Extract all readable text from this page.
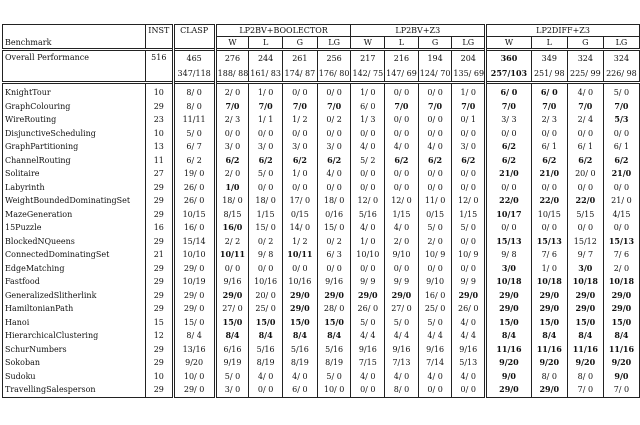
	INST	CLASP	LP2BV+BOOLECTOR				LP2BV+Z3				LP2DIFF+Z3			
Benchmark			W	L	G	LG	W	L	G	LG	W	L	G	LG
Overall Performance	516	465	276	244	261	256	217	216	194	204	360	349	324	324
		347/118	188/ 88	161/ 83	174/ 87	176/ 80	142/ 75	147/ 69	124/ 70	135/ 69	257/103	251/ 98	225/ 99	226/ 98
KnightTour	10	8/ 0	2/ 0	1/ 0	0/ 0	0/ 0	1/ 0	0/ 0	0/ 0	1/ 0	6/ 0	6/ 0	4/ 0	5/ 0
GraphColouring	29	8/ 0	7/0	7/0	7/0	7/0	6/ 0	7/0	7/0	7/0	7/0	7/0	7/0	7/0
WireRouting	23	11/11	2/ 3	1/ 1	1/ 2	0/ 2	1/ 3	0/ 0	0/ 0	0/ 1	3/ 3	2/ 3	2/ 4	5/3
DisjunctiveScheduling	10	5/ 0	0/ 0	0/ 0	0/ 0	0/ 0	0/ 0	0/ 0	0/ 0	0/ 0	0/ 0	0/ 0	0/ 0	0/ 0
GraphPartitioning	13	6/ 7	3/ 0	3/ 0	3/ 0	3/ 0	4/ 0	4/ 0	4/ 0	3/ 0	6/2	6/ 1	6/ 1	6/ 1
ChannelRouting	11	6/ 2	6/2	6/2	6/2	6/2	5/ 2	6/2	6/2	6/2	6/2	6/2	6/2	6/2
Solitaire	27	19/ 0	2/ 0	5/ 0	1/ 0	4/ 0	0/ 0	0/ 0	0/ 0	0/ 0	21/0	21/0	20/ 0	21/0
Labyrinth	29	26/ 0	1/0	0/ 0	0/ 0	0/ 0	0/ 0	0/ 0	0/ 0	0/ 0	0/ 0	0/ 0	0/ 0	0/ 0
WeightBoundedDominatingSet	29	26/ 0	18/ 0	18/ 0	17/ 0	18/ 0	12/ 0	12/ 0	11/ 0	12/ 0	22/0	22/0	22/0	21/ 0
MazeGeneration	29	10/15	8/15	1/15	0/15	0/16	5/16	1/15	0/15	1/15	10/17	10/15	5/15	4/15
15Puzzle	16	16/ 0	16/0	15/ 0	14/ 0	15/ 0	4/ 0	4/ 0	5/ 0	5/ 0	0/ 0	0/ 0	0/ 0	0/ 0
BlockedNQueens	29	15/14	2/ 2	0/ 2	1/ 2	0/ 2	1/ 0	2/ 0	2/ 0	0/ 0	15/13	15/13	15/12	15/13
ConnectedDominatingSet	21	10/10	10/11	9/ 8	10/11	6/ 3	10/10	9/10	10/ 9	10/ 9	9/ 8	7/ 6	9/ 7	7/ 6
EdgeMatching	29	29/ 0	0/ 0	0/ 0	0/ 0	0/ 0	0/ 0	0/ 0	0/ 0	0/ 0	3/0	1/ 0	3/0	2/ 0
Fastfood	29	10/19	9/16	10/16	10/16	9/16	9/ 9	9/ 9	9/10	9/ 9	10/18	10/18	10/18	10/18
GeneralizedSlitherlink	29	29/ 0	29/0	20/ 0	29/0	29/0	29/0	29/0	16/ 0	29/0	29/0	29/0	29/0	29/0
HamiltonianPath	29	29/ 0	27/ 0	25/ 0	29/0	28/ 0	26/ 0	27/ 0	25/ 0	26/ 0	29/0	29/0	29/0	29/0
Hanoi	15	15/ 0	15/0	15/0	15/0	15/0	5/ 0	5/ 0	5/ 0	4/ 0	15/0	15/0	15/0	15/0
HierarchicalClustering	12	8/ 4	8/4	8/4	8/4	8/4	4/ 4	4/ 4	4/ 4	4/ 4	8/4	8/4	8/4	8/4
SchurNumbers	29	13/16	6/16	5/16	5/16	5/16	9/16	9/16	9/16	9/16	11/16	11/16	11/16	11/16
Sokoban	29	9/20	9/19	8/19	8/19	8/19	7/15	7/13	7/14	5/13	9/20	9/20	9/20	9/20
Sudoku	10	10/ 0	5/ 0	4/ 0	4/ 0	5/ 0	4/ 0	4/ 0	4/ 0	4/ 0	9/0	8/ 0	8/ 0	9/0
TravellingSalesperson	29	29/ 0	3/ 0	0/ 0	6/ 0	10/ 0	0/ 0	8/ 0	0/ 0	0/ 0	29/0	29/0	7/ 0	7/ 0
